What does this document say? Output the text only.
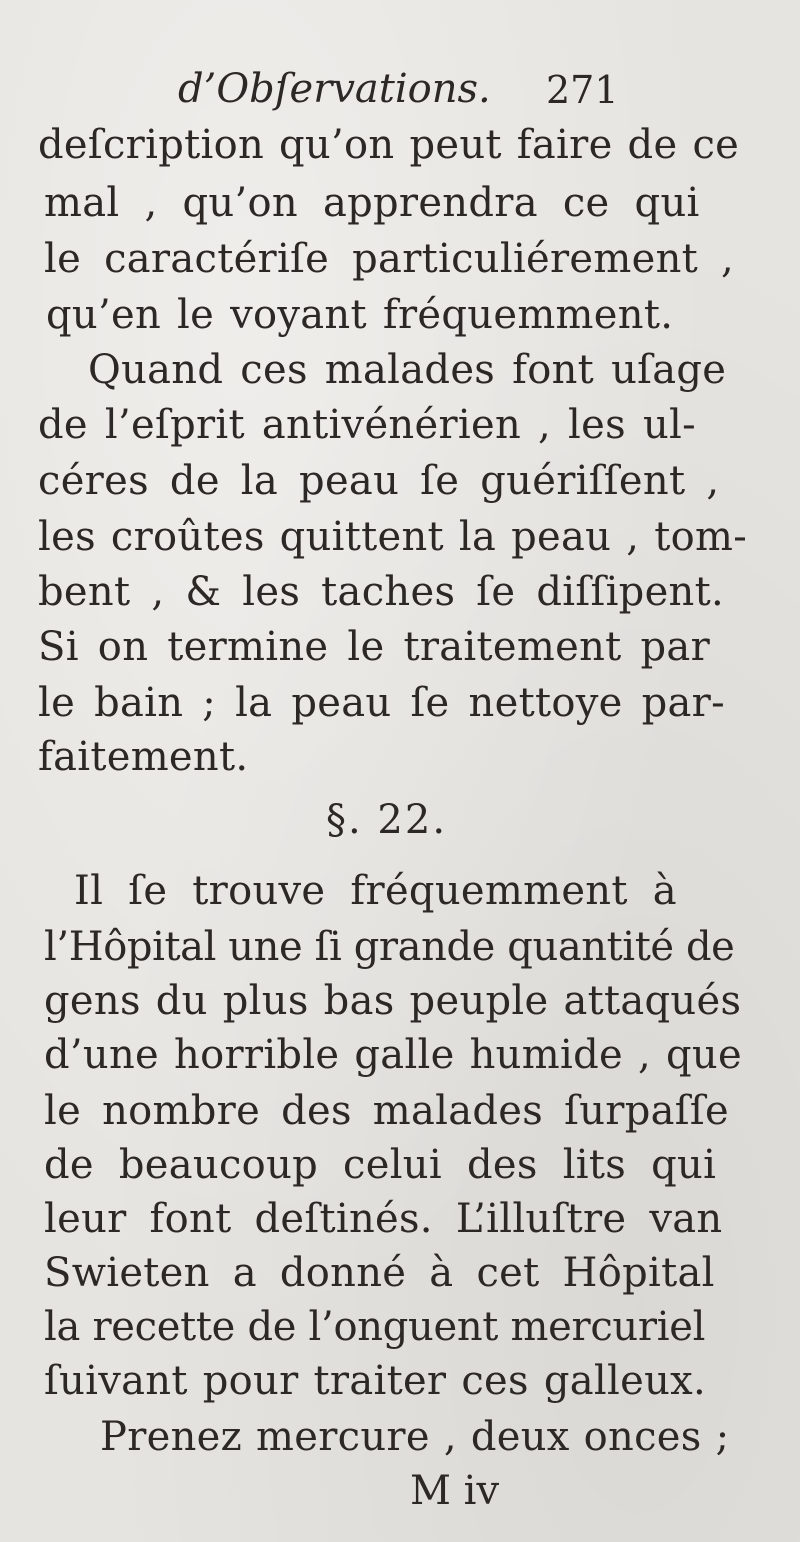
d’Obſervations. 271
deſcription qu’on peut faire de ce
mal , qu’on apprendra ce qui
le caractériſe particuliérement ,
qu’en le voyant fréquemment.
Quand ces malades font uſage
de l’eſprit antivénérien , les ul-
céres de la peau ſe guériſſent ,
les croûtes quittent la peau , tom-
bent , & les taches ſe diſſipent.
Si on termine le traitement par
le bain ; la peau ſe nettoye par-
faitement.
§. 22.
Il ſe trouve fréquemment à
l’Hôpital une ſi grande quantité de
gens du plus bas peuple attaqués
d’une horrible galle humide , que
le nombre des malades ſurpaſſe
de beaucoup celui des lits qui
leur font deſtinés. L’illuſtre van
Swieten a donné à cet Hôpital
la recette de l’onguent mercuriel
ſuivant pour traiter ces galleux.
Prenez mercure , deux onces ;
M iv
